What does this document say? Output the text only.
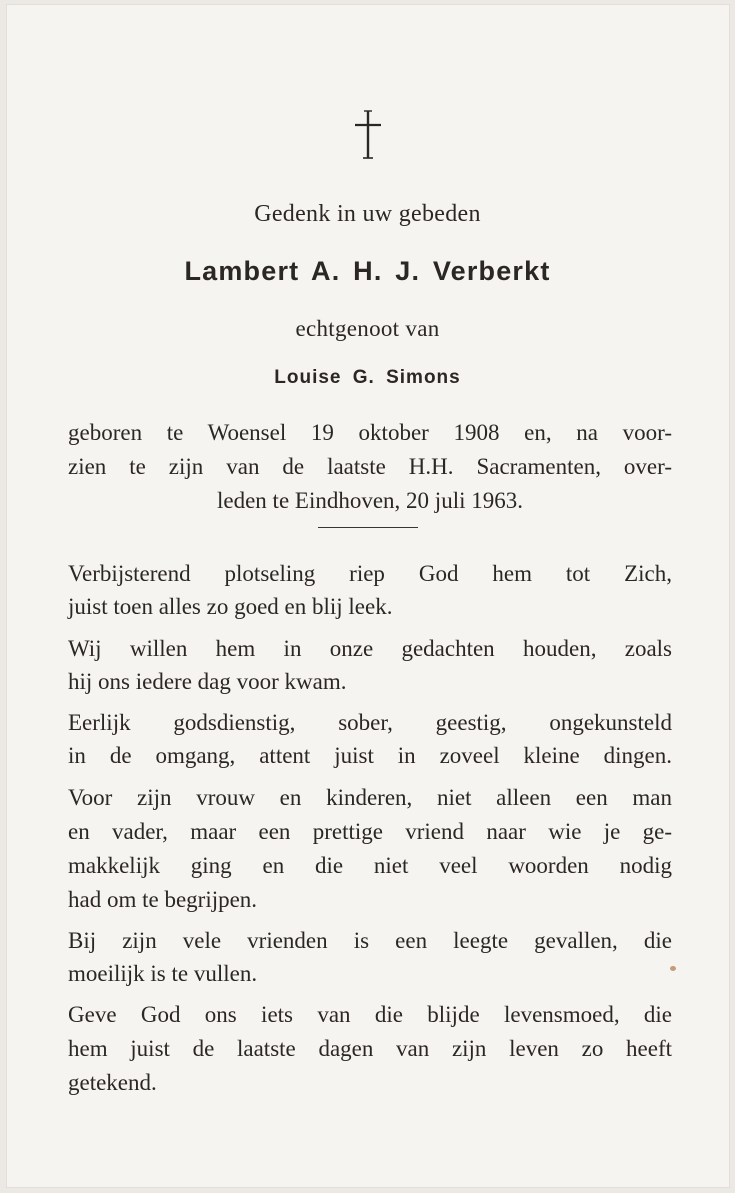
Gedenk in uw gebeden
Lambert A. H. J. Verberkt
echtgenoot van
Louise G. Simons
geboren te Woensel 19 oktober 1908 en, na voor-
zien te zijn van de laatste H.H. Sacramenten, over-
leden te Eindhoven, 20 juli 1963.
Verbijsterend plotseling riep God hem tot Zich,
juist toen alles zo goed en blij leek.
Wij willen hem in onze gedachten houden, zoals
hij ons iedere dag voor kwam.
Eerlijk godsdienstig, sober, geestig, ongekunsteld
in de omgang, attent juist in zoveel kleine dingen.
Voor zijn vrouw en kinderen, niet alleen een man
en vader, maar een prettige vriend naar wie je ge-
makkelijk ging en die niet veel woorden nodig
had om te begrijpen.
Bij zijn vele vrienden is een leegte gevallen, die
moeilijk is te vullen.
Geve God ons iets van die blijde levensmoed, die
hem juist de laatste dagen van zijn leven zo heeft
getekend.
